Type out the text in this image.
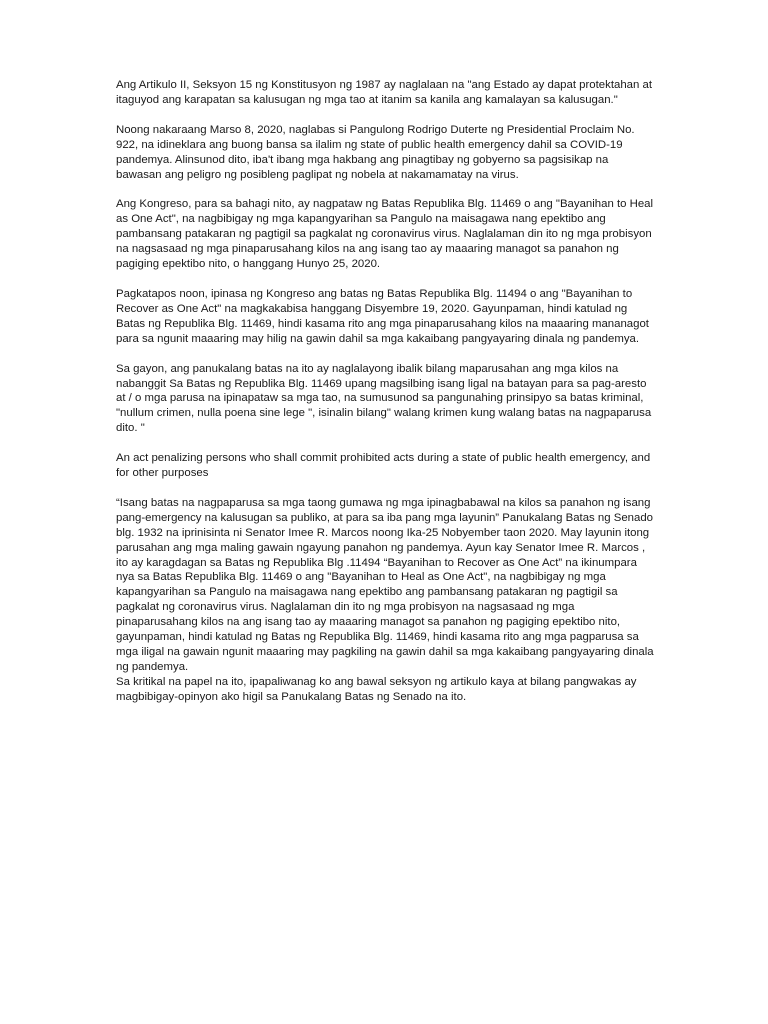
Ang Artikulo II, Seksyon 15 ng Konstitusyon ng 1987 ay naglalaan na "ang Estado ay dapat protektahan at itaguyod ang karapatan sa kalusugan ng mga tao at itanim sa kanila ang kamalayan sa kalusugan."

Noong nakaraang Marso 8, 2020, naglabas si Pangulong Rodrigo Duterte ng Presidential Proclaim No. 922, na idineklara ang buong bansa sa ilalim ng state of public health emergency dahil sa COVID-19 pandemya. Alinsunod dito, iba't ibang mga hakbang ang pinagtibay ng gobyerno sa pagsisikap na bawasan ang peligro ng posibleng paglipat ng nobela at nakamamatay na virus.

Ang Kongreso, para sa bahagi nito, ay nagpataw ng Batas Republika Blg. 11469 o ang "Bayanihan to Heal as One Act", na nagbibigay ng mga kapangyarihan sa Pangulo na maisagawa nang epektibo ang pambansang patakaran ng pagtigil sa pagkalat ng coronavirus virus. Naglalaman din ito ng mga probisyon na nagsasaad ng mga pinaparusahang kilos na ang isang tao ay maaaring managot sa panahon ng pagiging epektibo nito, o hanggang Hunyo 25, 2020.

Pagkatapos noon, ipinasa ng Kongreso ang batas ng Batas Republika Blg. 11494 o ang "Bayanihan to Recover as One Act" na magkakabisa hanggang Disyembre 19, 2020. Gayunpaman, hindi katulad ng Batas ng Republika Blg. 11469, hindi kasama rito ang mga pinaparusahang kilos na maaaring mananagot para sa ngunit maaaring may hilig na gawin dahil sa mga kakaibang pangyayaring dinala ng pandemya.

Sa gayon, ang panukalang batas na ito ay naglalayong ibalik bilang maparusahan ang mga kilos na nabanggit Sa Batas ng Republika Blg. 11469 upang magsilbing isang ligal na batayan para sa pag-aresto at / o mga parusa na ipinapataw sa mga tao, na sumusunod sa pangunahing prinsipyo sa batas kriminal, "nullum crimen, nulla poena sine lege ", isinalin bilang" walang krimen kung walang batas na nagpaparusa dito. "

An act penalizing persons who shall commit prohibited acts during a state of public health emergency, and for other purposes

“Isang batas na nagpaparusa sa mga taong gumawa ng mga ipinagbabawal na kilos sa panahon ng isang pang-emergency na kalusugan sa publiko, at para sa iba pang mga layunin” Panukalang Batas ng Senado blg. 1932 na iprinisinta ni Senator Imee R. Marcos noong Ika-25 Nobyember taon 2020. May layunin itong parusahan ang mga maling gawain ngayung panahon ng pandemya. Ayun kay Senator Imee R. Marcos , ito ay karagdagan sa Batas ng Republika Blg .11494 “Bayanihan to Recover as One Act” na ikinumpara nya sa Batas Republika Blg. 11469 o ang "Bayanihan to Heal as One Act", na nagbibigay ng mga kapangyarihan sa Pangulo na maisagawa nang epektibo ang pambansang patakaran ng pagtigil sa pagkalat ng coronavirus virus. Naglalaman din ito ng mga probisyon na nagsasaad ng mga pinaparusahang kilos na ang isang tao ay maaaring managot sa panahon ng pagiging epektibo nito, gayunpaman, hindi katulad ng Batas ng Republika Blg. 11469, hindi kasama rito ang mga pagparusa sa mga iligal na gawain ngunit maaaring may pagkiling na gawin dahil sa mga kakaibang pangyayaring dinala ng pandemya.

Sa kritikal na papel na ito, ipapaliwanag ko ang bawal seksyon ng artikulo kaya at bilang pangwakas ay magbibigay-opinyon ako higil sa Panukalang Batas ng Senado na ito.
